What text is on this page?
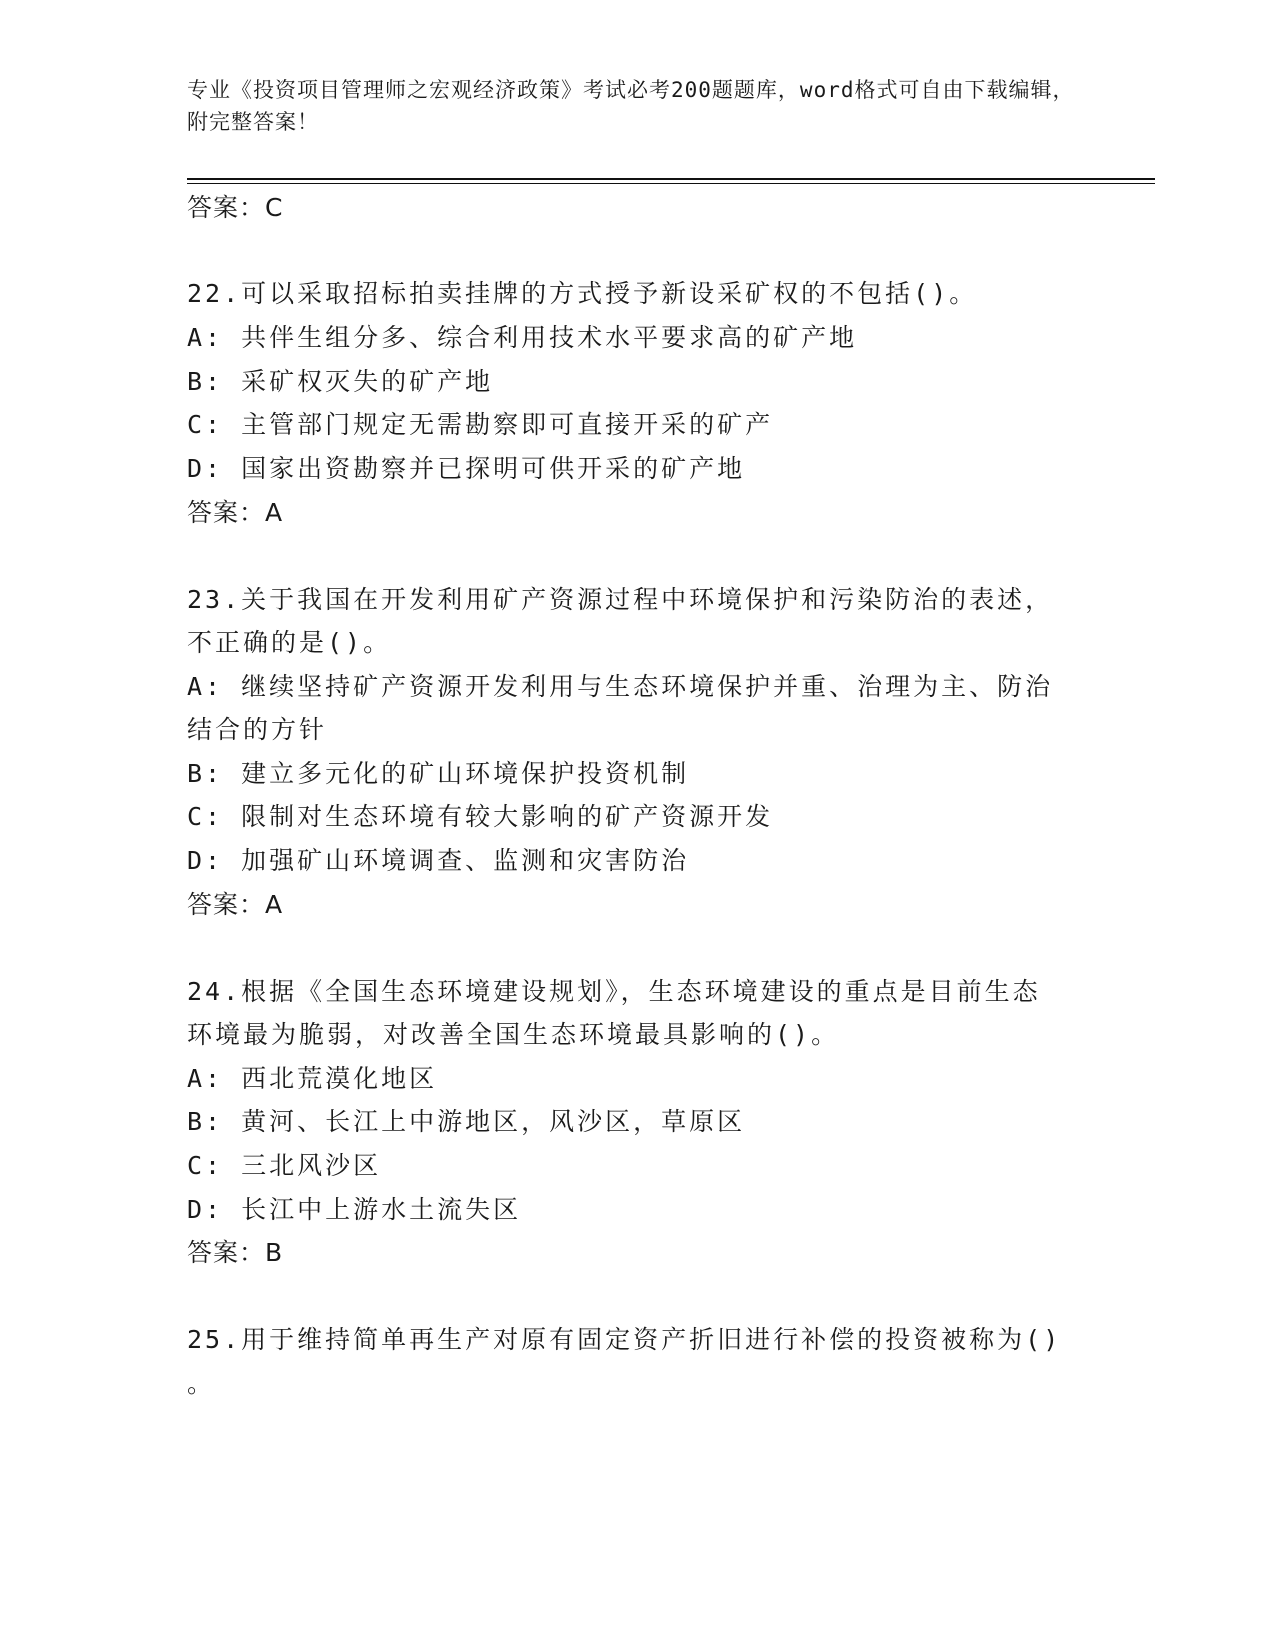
专业《投资项目管理师之宏观经济政策》考试必考200题题库，word格式可自由下载编辑，附完整答案！
答案：C
22.可以采取招标拍卖挂牌的方式授予新设采矿权的不包括()。
A: 共伴生组分多、综合利用技术水平要求高的矿产地
B: 采矿权灭失的矿产地
C: 主管部门规定无需勘察即可直接开采的矿产
D: 国家出资勘察并已探明可供开采的矿产地
答案：A
23.关于我国在开发利用矿产资源过程中环境保护和污染防治的表述，
不正确的是()。
A: 继续坚持矿产资源开发利用与生态环境保护并重、治理为主、防治
结合的方针
B: 建立多元化的矿山环境保护投资机制
C: 限制对生态环境有较大影响的矿产资源开发
D: 加强矿山环境调查、监测和灾害防治
答案：A
24.根据《全国生态环境建设规划》，生态环境建设的重点是目前生态
环境最为脆弱，对改善全国生态环境最具影响的()。
A: 西北荒漠化地区
B: 黄河、长江上中游地区，风沙区，草原区
C: 三北风沙区
D: 长江中上游水土流失区
答案：B
25.用于维持简单再生产对原有固定资产折旧进行补偿的投资被称为()
。
